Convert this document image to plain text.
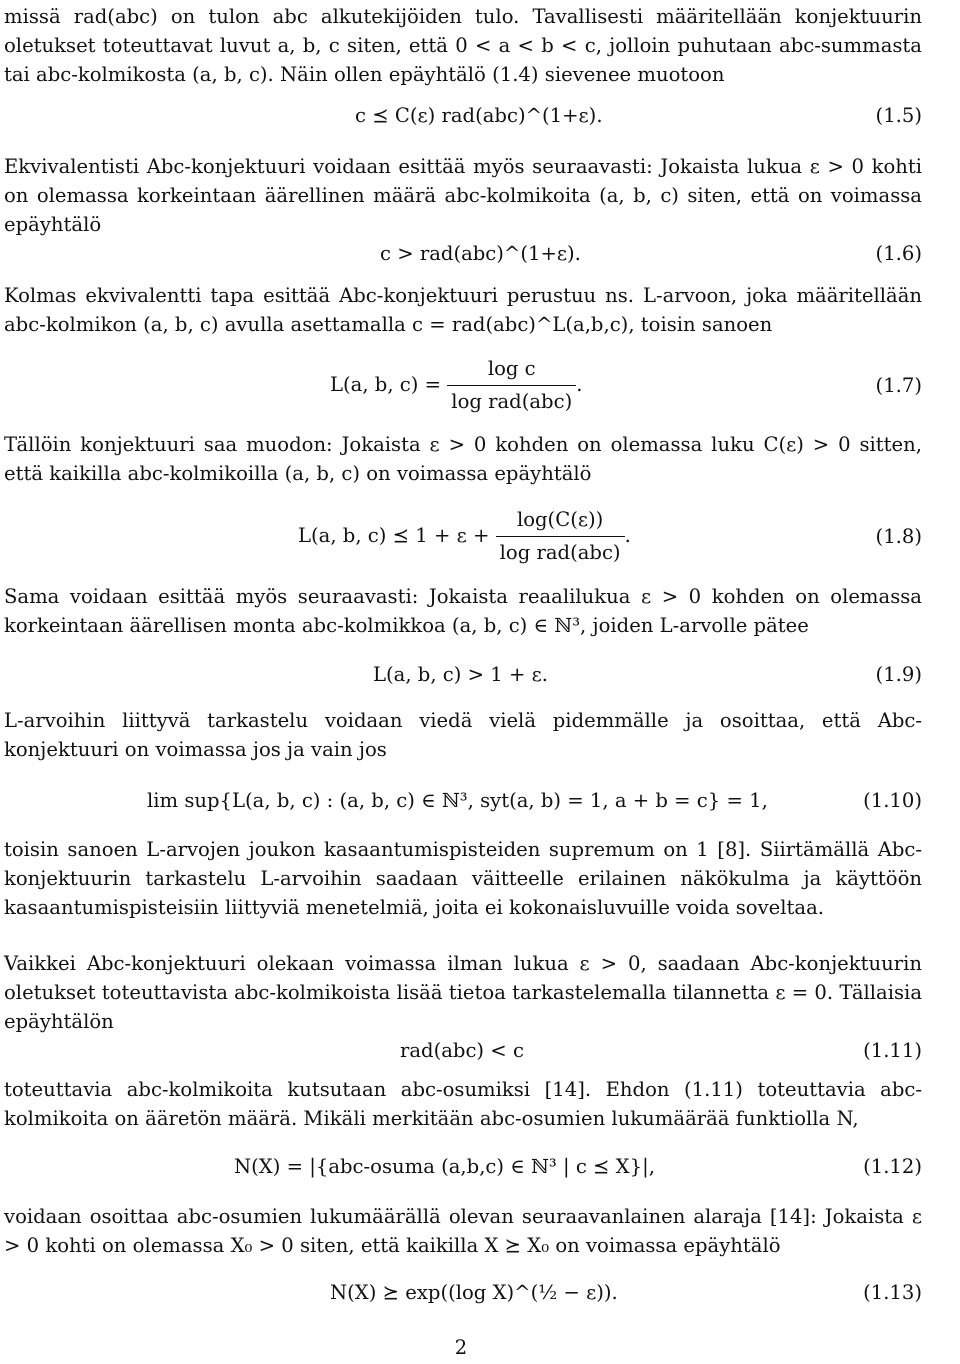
missä rad(abc) on tulon abc alkutekijöiden tulo. Tavallisesti määritellään konjektuurin oletukset toteuttavat luvut a, b, c siten, että 0 < a < b < c, jolloin puhutaan abc-summasta tai abc-kolmikosta (a, b, c). Näin ollen epäyhtälö (1.4) sievenee muotoon

c ⪯ C(ε) rad(abc)^(1+ε).	(1.5)

Ekvivalentisti Abc-konjektuuri voidaan esittää myös seuraavasti: Jokaista lukua ε > 0 kohti on olemassa korkeintaan äärellinen määrä abc-kolmikoita (a, b, c) siten, että on voimassa epäyhtälö

c > rad(abc)^(1+ε).	(1.6)

Kolmas ekvivalentti tapa esittää Abc-konjektuuri perustuu ns. L-arvoon, joka määritellään abc-kolmikon (a, b, c) avulla asettamalla c = rad(abc)^L(a,b,c), toisin sanoen

L(a, b, $c) = \frac{\text{log c}}{\text{log rad(abc)}}$ .	(1.7)

Tällöin konjektuuri saa muodon: Jokaista ε > 0 kohden on olemassa luku C(ε) > 0 sitten, että kaikilla abc-kolmikoilla (a, b, c) on voimassa epäyhtälö

L(a, b, c) ⪯ $1 + \varepsilon + \frac{\log(C(\varepsilon))}{\text{log rad(abc)}}$ .	(1.8)

Sama voidaan esittää myös seuraavasti: Jokaista reaalilukua ε > 0 kohden on olemassa korkeintaan äärellisen monta abc-kolmikkoa (a, b, c) ∈ ℕ³, joiden L-arvolle pätee

L(a, b, c) > 1 + ε.	(1.9)

L-arvoihin liittyvä tarkastelu voidaan viedä vielä pidemmälle ja osoittaa, että Abc-konjektuuri on voimassa jos ja vain jos

lim sup{L(a, b, c) : (a, b, c) ∈ ℕ³, syt(a, b) = 1, a + b = c} = 1,	(1.10)

toisin sanoen L-arvojen joukon kasaantumispisteiden supremum on 1 [8]. Siirtämällä Abc-konjektuurin tarkastelu L-arvoihin saadaan väitteelle erilainen näkökulma ja käyttöön kasaantumispisteisiin liittyviä menetelmiä, joita ei kokonaisluvuille voida soveltaa.

Vaikkei Abc-konjektuuri olekaan voimassa ilman lukua ε > 0, saadaan Abc-konjektuurin oletukset toteuttavista abc-kolmikoista lisää tietoa tarkastelemalla tilannetta ε = 0. Tällaisia epäyhtälön

rad(abc) < c	(1.11)

toteuttavia abc-kolmikoita kutsutaan abc-osumiksi [14]. Ehdon (1.11) toteuttavia abc-kolmikoita on ääretön määrä. Mikäli merkitään abc-osumien lukumäärää funktiolla N,

N(X) = |{abc-osuma (a,b,c) ∈ ℕ³ | c ⪯ X}|,	(1.12)

voidaan osoittaa abc-osumien lukumäärällä olevan seuraavanlainen alaraja [14]: Jokaista ε > 0 kohti on olemassa X₀ > 0 siten, että kaikilla X ⪰ X₀ on voimassa epäyhtälö

N(X) ⪰ exp((log X)^(½ − ε)).	(1.13)
2
